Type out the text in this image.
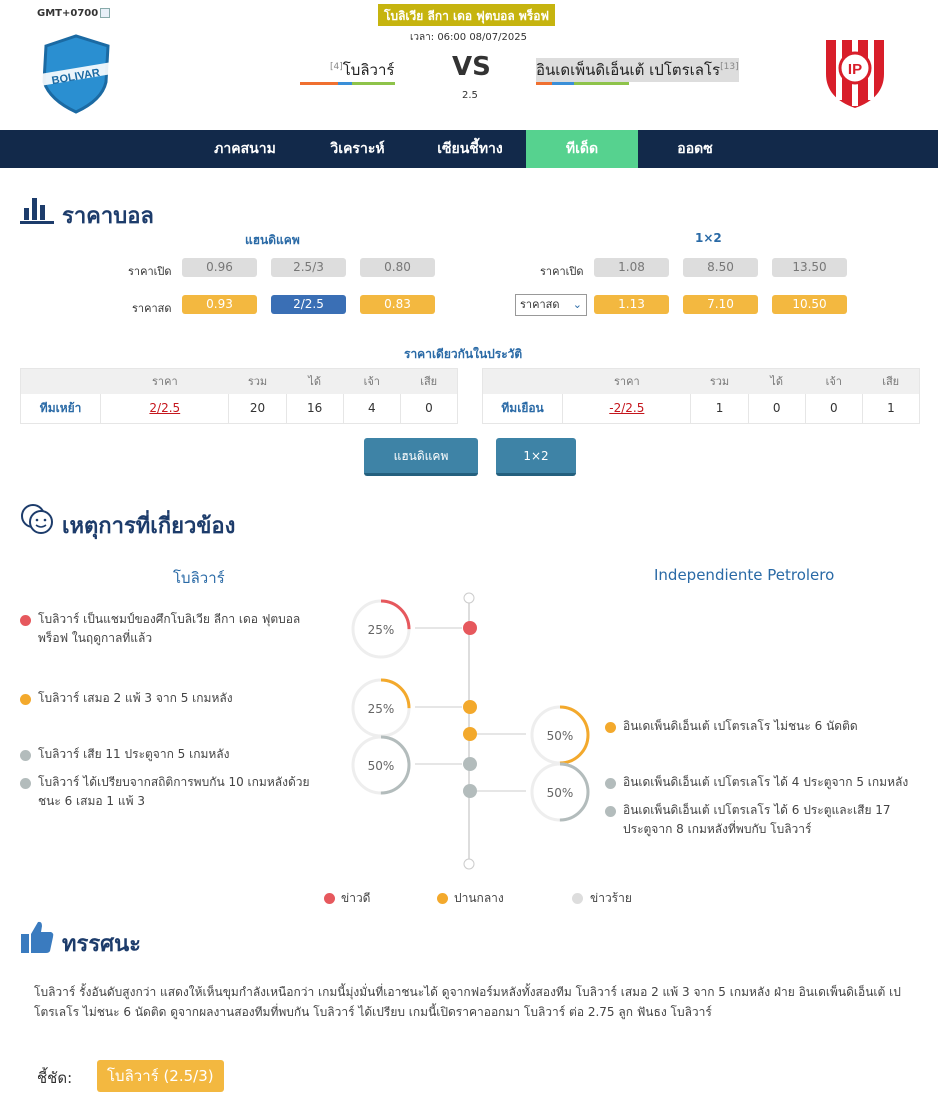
GMT+0700	โบลิเวีย ลีกา เดอ ฟุตบอล พร็อฟ
เวลา: 06:00 08/07/2025
BOLIVAR	IP
[4]โบลิวาร์ VS	อินเดเพ็นดิเอ็นเต้ เปโตรเลโร[13]
2.5
ภาคสนาม	วิเคราะห์	เซียนชี้ทาง	ทีเด็ด	ออดซ
ราคาบอล
แฮนดิแคพ	1×2
ราคาเปิด	0.96	2.5/3	0.80
ราคาสด	0.93	2/2.5	0.83
ราคาเปิด	1.08	8.50	13.50
ราคาสด ⌄	1.13	7.10	10.50
ราคาเดียวกันในประวัติ
	ราคา	รวม	ได้	เจ้า	เสีย
ทีมเหย้า	2/2.5	20	16	4	0
	ราคา	รวม	ได้	เจ้า	เสีย
ทีมเยือน	-2/2.5	1	0	0	1
แฮนดิแคพ	1×2
เหตุการที่เกี่ยวข้อง
โบลิวาร์	Independiente Petrolero
25%
25%
50%
50%
50%
โบลิวาร์ เป็นแชมป์ของศึกโบลิเวีย ลีกา เดอ ฟุตบอล พร็อฟ ในฤดูกาลที่แล้ว
โบลิวาร์ เสมอ 2 แพ้ 3 จาก 5 เกมหลัง
โบลิวาร์ เสีย 11 ประตูจาก 5 เกมหลัง
โบลิวาร์ ได้เปรียบจากสถิติการพบกัน 10 เกมหลังด้วย ชนะ 6 เสมอ 1 แพ้ 3
อินเดเพ็นดิเอ็นเต้ เปโตรเลโร ไม่ชนะ 6 นัดติด
อินเดเพ็นดิเอ็นเต้ เปโตรเลโร ได้ 4 ประตูจาก 5 เกมหลัง
อินเดเพ็นดิเอ็นเต้ เปโตรเลโร ได้ 6 ประตูและเสีย 17 ประตูจาก 8 เกมหลังที่พบกับ โบลิวาร์
ข่าวดี	ปานกลาง	ข่าวร้าย
ทรรศนะ
โบลิวาร์ รั้งอันดับสูงกว่า แสดงให้เห็นขุมกำลังเหนือกว่า เกมนี้มุ่งมั่นที่เอาชนะได้ ดูจากฟอร์มหลังทั้งสองทีม โบลิวาร์ เสมอ 2 แพ้ 3 จาก 5 เกมหลัง ฝ่าย อินเดเพ็นดิเอ็นเต้ เปโตรเลโร ไม่ชนะ 6 นัดติด ดูจากผลงานสองทีมที่พบกัน โบลิวาร์ ได้เปรียบ เกมนี้เปิดราคาออกมา โบลิวาร์ ต่อ 2.75 ลูก ฟันธง โบลิวาร์
ชี้ชัด:	โบลิวาร์ (2.5/3)
